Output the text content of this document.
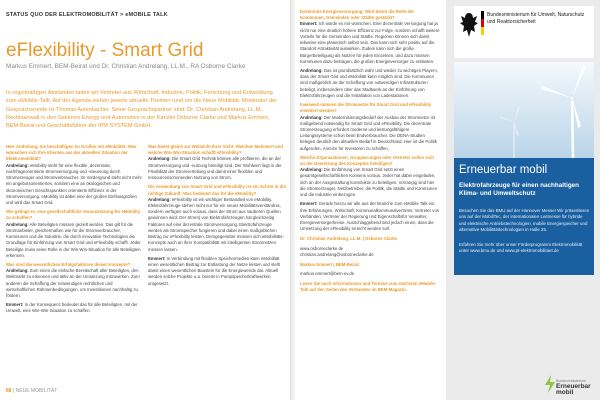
STATUS QUO DER ELEKTROMOBILITÄT > eMOBILE TALK
eFlexibility - Smart Grid
Markus Emmert, BEM-Beirat und Dr. Christian Andrelang, LL.M., RA Osborne Clarke
In regelmäßigen Abständen laden wir Vertreter aus Wirtschaft, Industrie, Politik, Forschung und Entwicklung zum eMobile-Talk. Auf der Agenda stehen jeweils aktuelle Themen rund um die Neue Mobilität. Moderator der Gesprächsrunde ist Thomas Aulenbacher. Seine Gesprächspartner sind: Dr. Christian Andrelang, LL.M., Rechtsanwalt in den Sektoren Energy und Automotive in der Kanzlei Osborne Clarke und Markus Emmert, BEM-Beirat und Geschäftsführer der IPM SYSTEM GmbH.

Herr Andrelang, Sie beschäftigen im Großen mit eMobilität: Was wünschen sich Ihre Klienten aus der aktuellen Situation der Elektromobilität?
Andrelang: eMobility steht für eine flexible, dezentrale, nachfrageorientierte Stromversorgung und -steuerung durch Stromerzeuger und Stromverbraucher. Im Vordergrund steht nicht mehr ein angebotsorientiertes, sondern eine an ökologischen und ökonomischen Gesichtspunkten orientierte Effizienz in der Stromversorgung. eMobility ist dabei eine der großen Einflussgrößen und wird das Smart Grid.

Wie gelingt es, eine gesellschaftliche Voraussetzung für eMobility zu schaffen?
Andrelang: Alle Beteiligten müssen gezielt werden. Das gilt für die Stromanbieter, gleichermaßen wie für die Stromverbraucher, Kommunen und die Industrie, die durch innovative Technologien die Grundlage für Einführung von Smart Grid und eFlexibility schafft. Jeder Beteiligte muss seine Rolle in der Win-Win-Situation für alle Beteiligten erkennen.

Was sind die wesentlichen Erfolgsfaktoren dieser Konzepte?
Andrelang: Zum einen die einfache Bereitschaft aller Beteiligten, den Weltmarkt zu erkennen und aktiv an der Umsetzung mitzuwirken. Zum anderen die Schaffung der notwendigen rechtlichen und wirtschaftlichen Rahmenbedingungen, um Investitionen nachhaltig zu fördern.

Emmert: In der Konsequenz bedeutet das für alle Beteiligten, mit der Umwelt, eine Win-Win-Situation zu schaffen.

Was bietet gleich zur Weitsicht Ihrer Sicht: Welchen Mehrwert und welche Win-Win-Situation schafft eFlexibility?
Andrelang: Die Smart Grid Technik können alle profitieren, die an der Stromversorgung und -nutzung beteiligt sind. Der Wohlwert liegt in der Flexibilität der Stromverteilung und damit einer flexiblen und ressourcenschonenden Nutzung von Strom.

Die Anwendung von Smart Grid und eFlexibility ist ein Schritt in die richtige Zukunft: Was bedeutet das für die eMobility?
Andrelang: eFlexibility ist ein wichtiger Bestandteil von eMobility. Elektrofahrzeuge stehen nicht nur für ein neues Mobilitätsverständnis, sondern verfügen auch voraus, dass der Strom aus sauberen Quellen gewonnen wird. Der Strom) von Elektrofahrzeugen hat gleichzeitig Faktoren auf eine dezentrale Stromversorgung. Elektrofahrzeuge werden als Stromspeicher fungieren und dabei einen maßgeblichen Beitrag zur eFlexibility leisten. Demgegenüber müssen sich eMobilitäts-Konzepte auch an ihrer Kompatibilität mit intelligenten Stromnetzen messen lassen.

Emmert: In Verbindung mit flexiblen Speichermedien kann eMobilität einen wesentlichen Beitrag zur Entlastung der Netze leisten und stellt damit einen wesentlichen Baustein für die Energiewende dar. Aktuell werden solche Projekte u.a. bereits in Pumpspeicherkraftwerken umgesetzt.

88 | NEUE MOBILITÄT

Dezentrale Energieversorgung: Wird damit die Rolle der Kommunen, Gemeinden oder Städte gestärkt?
Emmert: Ich würde es mir wünschen. Eine dezentrale Versorgung hat ja nicht nur eine deutlich höhere Effizienz zur Folge, sondern schafft weitere Vorteile für die Gemeinden und Städte. Regionen können sich damit teilweise eine planerisch selbst sein. Das kann sich sehr positiv auf die Standort-Attraktivität auswirken. Zudem kann sich die große Bürgerbeteiligung als Nutzen für jeden Einzelnen, und dazu müssen Kommunen dazu beitragen, die großen Energieversorger zu entlasten.

Andrelang: Das ist grundsätzlich wahr und wieder zu wichtigen Playern, dass der Smart Grid und eMobilität kann möglich sind. Die Kommunen sind maßgeblich an der Schaffung von notwendigen Infrastrukturen beteiligt, insbesondere über das Stadtwerk an der Einführung von Elektrofahrzeugen und die Installation von Ladestationen.

Inwieweit müssen die Stromnetze für Smart Grid und eFlexibility erweitert werden?
Andrelang: Der Modernisierungsbedarf der Ausbau der Stromnetze ist maßgebend notwendig für Smart Grid und eFlexibility. Die dezentrale Stromerzeugung erfordert moderne und leistungsfähigere Leitungssysteme schon beim Endverbraucher. Die DENA-Studien belegen deutlich den aktuellen Bedarf in Deutschland. Hier ist die Politik aufgerufen, Anreize für Investoren zu schaffen.

Welche Organisationen, Gruppierungen oder Vertreter sollen sich an der Umsetzung des Konzeptes beteiligen?
Andrelang: Die Einführung von Smart Grid setzt einen gesamtgesellschaftlichen Konsens voraus. Jeder hat dabei eingeladen, sich an der Ausgestaltung konstruktiv zu beteiligen. Vorrangig sind hier die Stromerzeuger, Netzbetreiber, die Politik, die Städte und Kommunen und die Industrie einbezogen.

Emmert: Gerade hierzu wir alle aus der Branche zum eMobile Talk ein. Ihre Erfahrungen, Wirtschaft, Kommunalkommunalvertreter, Vertreter von Verbänden, Vertreter der Regierung und Eigenschaftsfür Verwalter, Energieversorgerkreise. Ausschlaggebend sind jedoch einen, dass die Umsetzung der eFlexibility erreicht werden soll.

Dr. Christian Andrelang, LL.M. | Osborne Clarke

www.osborneclarke.de

christian.andrelang@osborneclarke.de

Markus Emmert | BEM-Beirat

markus.emmert@bem-ev.de

Lesen Sie auch Informationen und Termine zum nächsten eMobile-Talk auf den Seiten des Verbandes im BEM-Magazin.

Bundesministerium für Umwelt, Naturschutz und Reaktorsicherheit
Erneuerbar mobil
Elektrofahrzeuge für einen nachhaltigen Klima- und Umweltschutz
Besuchen Sie das BMU auf der Hannover Messe! Wir präsentieren uns auf der MobiliTec, der internationalen Leitmesse für hybride und elektrische Antriebstechnologien, mobile Energiespeicher und alternative Mobilitätstechnologien in Halle 25.
Erfahren Sie mehr über unser Förderprogramm Elektromobilität unter www.bmu.de und www.pt-elektromobilitaet.de
Bundesministerium
Erneuerbar mobil
